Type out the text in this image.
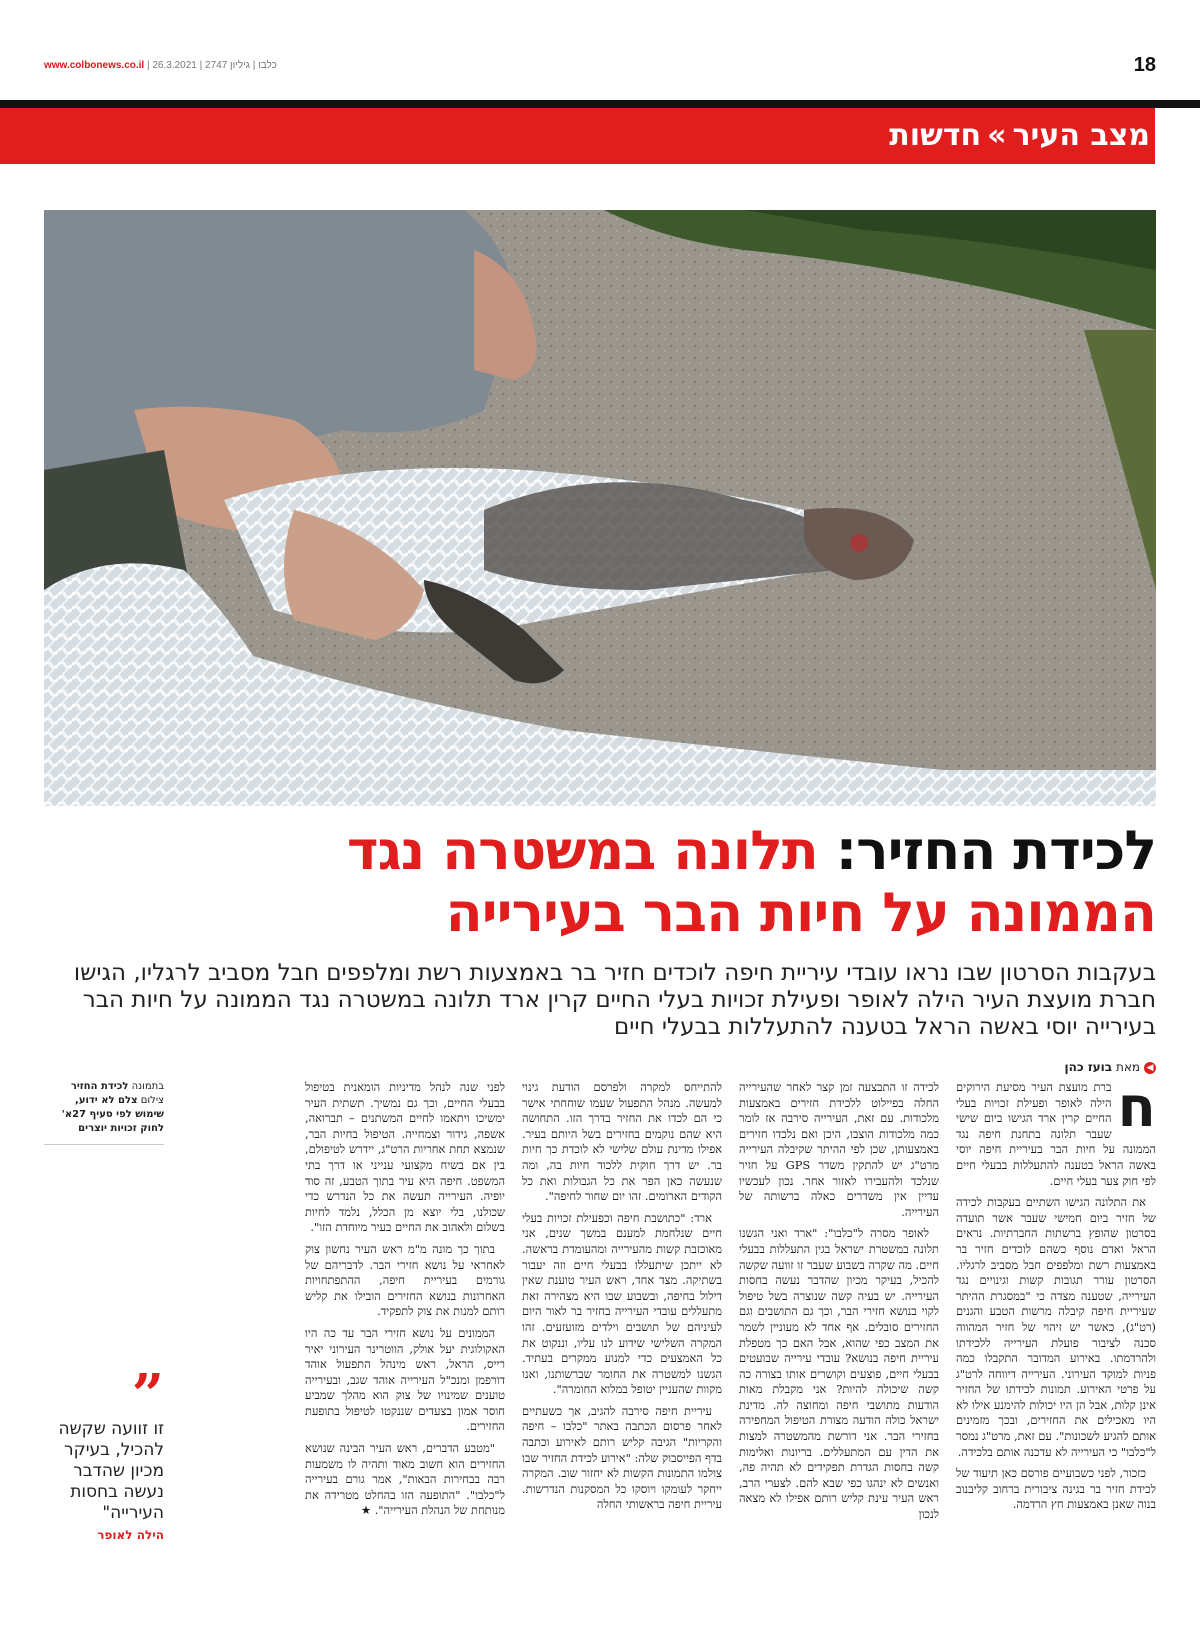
www.colbonews.co.il | כלבו | גיליון 2747 | 26.3.2021	18
מצב העיר»חדשות
לכידת החזיר: תלונה במשטרה נגד
הממונה על חיות הבר בעירייה
בעקבות הסרטון שבו נראו עובדי עיריית חיפה לוכדים חזיר בר באמצעות רשת ומלפפים חבל מסביב לרגליו, הגישו חברת מועצת העיר הילה לאופר ופעילת זכויות בעלי החיים קרין ארד תלונה במשטרה נגד הממונה על חיות הבר בעירייה יוסי באשה הראל בטענה להתעללות בבעלי חיים
◀מאת בועז כהן

ח
ברת מועצת העיר מסיעת הירוקים הילה לאופר ופעילת זכויות בעלי החיים קרין ארד הגישו ביום שישי שעבר תלונה בתחנת חיפה נגד הממונה על חיות הבר בעיריית חיפה יוסי באשה הראל בטענה להתעללות בבעלי חיים לפי חוק צער בעלי חיים.

את התלונה הגישו השתיים בעקבות לכידה של חזיר ביום חמישי שעבר אשר תועדה בסרטון שהופץ ברשתות החברתיות. נראים הראל ואדם נוסף כשהם לוכדים חזיר בר באמצעות רשת ומלפפים חבל מסביב לרגליו. הסרטון עורר תגובות קשות וגינויים נגד העירייה, שטענה מצדה כי "במסגרת ההיתר שעיריית חיפה קיבלה מרשות הטבע והגנים (רט"ג), כאשר יש זיהוי של חזיר המהווה סכנה לציבור פועלת העירייה ללכידתו ולהרדמתו. באירוע המדובר התקבלו כמה פניות למוקד העירוני. העירייה דיווחה לרט"ג על פרטי האירוע. תמונות לכידתו של החזיר אינן קלות, אבל הן היו יכולות להימנע אילו לא היו מאכילים את החזירים, ובכך מזמינים אותם להגיע לשכונות". עם זאת, מרט"ג נמסר ל"כלבו" כי העירייה לא עדכנה אותם בלכידה.

כזכור, לפני כשבועיים פורסם כאן תיעוד של לכידת חזיר בר בגינה ציבורית ברחוב קליבנוב בנוה שאנן באמצעות חץ הרדמה.

לכידה זו התבצעה זמן קצר לאחר שהעירייה החלה בפיילוט ללכידת חזירים באמצעות מלכודות. עם זאת, העירייה סירבה אז לומר כמה מלכודות הוצבו, היכן ואם נלכדו חזירים באמצעותן, שכן לפי ההיתר שקיבלה העירייה מרט"ג יש להתקין משדר GPS על חזיר שנלכד ולהעבירו לאזור אחר. נכון לעכשיו עדיין אין משדרים כאלה ברשותה של העירייה.

לאופר מסרה ל"כלבו": "ארד ואני הגשנו תלונה במשטרת ישראל בגין התעללות בבעלי חיים. מה שקרה בשבוע שעבר זו זוועה שקשה להכיל, בעיקר מכיון שהדבר נעשה בחסות העירייה. יש בעיה קשה שנוצרה בשל טיפול לקוי בנושא חזירי הבר, וכך גם התושבים וגם החזירים סובלים. אף אחד לא מעוניין לשמר את המצב כפי שהוא, אבל האם כך מטפלת עיריית חיפה בנושא? עובדי עירייה שבועטים בבעלי חיים, פוצעים וקושרים אותו בצורה כה קשה שיכולה להיות? אני מקבלת מאות הודעות מתושבי חיפה ומחוצה לה. מדינת ישראל כולה הודעה מצורת הטיפול המחפירה בחזירי הבר. אני דורשת מהמשטרה למצות את הדין עם המתעללים. בריונות ואלימות קשה בחסות הגדרת תפקידים לא תהיה פה, ואנשים לא ינהגו כפי שבא להם. לצערי הרב, ראש העיר עינת קליש רותם אפילו לא מצאה לנכון

להתייחס למקרה ולפרסם הודעת גינוי למעשה. מנהל התפעול שעמו שוחחתי אישר כי הם לכדו את החזיר בדרך הזו. התחושה היא שהם נוקמים בחזירים בשל היותם בעיר. אפילו מדינת עולם שלישי לא לוכדת כך חיות בר. יש דרך חוקית ללכוד חיות בה, ומה שנעשה כאן הפר את כל הגבולות ואת כל הקודים הארומים. זהו יום שחור לחיפה".

ארד: "כתושבת חיפה וכפעילת זכויות בעלי חיים שנלחמת למענם במשך שנים, אני מאוכזבת קשות מהעירייה ומהעומדת בראשה. לא ייתכן שיתעללו בבעלי חיים וזה יעבור בשתיקה. מצד אחד, ראש העיר טוענת שאין דילול בחיפה, ובשבוע שבו היא מצהירה זאת מתעללים עובדי העירייה בחזיר בר לאור היום לעיניהם של תושבים וילדים מזועזעים. זהו המקרה השלישי שידוע לנו עליו, וננקוט את כל האמצעים כדי למנוע ממקרים בעתיד. הגשנו למשטרה את החומר שברשותנו, ואנו מקוות שהעניין יטופל במלוא החומרה".

עיריית חיפה סירבה להגיב, אך כשעתיים לאחר פרסום הכתבה באתר "כלבו – חיפה והקריות" הגיבה קליש רותם לאירוע וכתבה בדף הפייסבוק שלה: "אירוע לכידת החזיר שבו צולמו התמונות הקשות לא יחזור שוב. המקרה ייחקר לעומקו ויוסקו כל המסקנות הנדרשות. עיריית חיפה בראשותי החלה

לפני שנה לנהל מדיניות הומאנית בטיפול בבעלי החיים, וכך גם נמשיך. תשתית העיר ימשיכו ויתאמו לחיים המשתנים – תברואה, אשפה, גידור וצמחייה. הטיפול בחיות הבר, שנמצא תחת אחריות הרט"ג, יידרש לטיפולם, בין אם בשיח מקצועי ענייני או דרך בתי המשפט. חיפה היא עיר בתוך הטבע, זה סוד יופיה. העירייה תעשה את כל הנדרש כדי שכולנו, בלי יוצא מן הכלל, נלמד לחיות בשלום ולאהוב את החיים בעיר מיוחדת הזו".

בתוך כך מונה מ"מ ראש העיר נחשון צוק לאחראי על נושא חזירי הבר. לדבריהם של גורמים בעיריית חיפה, ההתפתחויות האחרונות בנושא החזירים הובילו את קליש רותם למנות את צוק לתפקיד.

הממונים על נושא חזירי הבר עד כה היו האקולוגית יעל אולק, הווטרינר העירוני יאיר רייס, הראל, ראש מינהל התפעול אוהד דורפמן ומנכ"ל העירייה אוהד שגב, ובעירייה טוענים שמינויו של צוק הוא מהלך שמביע חוסר אמון בצעדים שננקטו לטיפול בתופעת החזירים.

"מטבע הדברים, ראש העיר הבינה שנושא החזירים הוא חשוב מאוד ותהיה לו משמעות רבה בבחירות הבאות", אמר גורם בעירייה ל"כלבו". "התופעה הזו בהחלט מטרידה את מנותחת של הנהלת העירייה". ★

בתמונה לכידת החזיר
צילום צלם לא ידוע, שימוש לפי סעיף 27א' לחוק זכויות יוצרים
”
זו זוועה שקשה להכיל, בעיקר מכיון שהדבר נעשה בחסות העירייה"
הילה לאופר
